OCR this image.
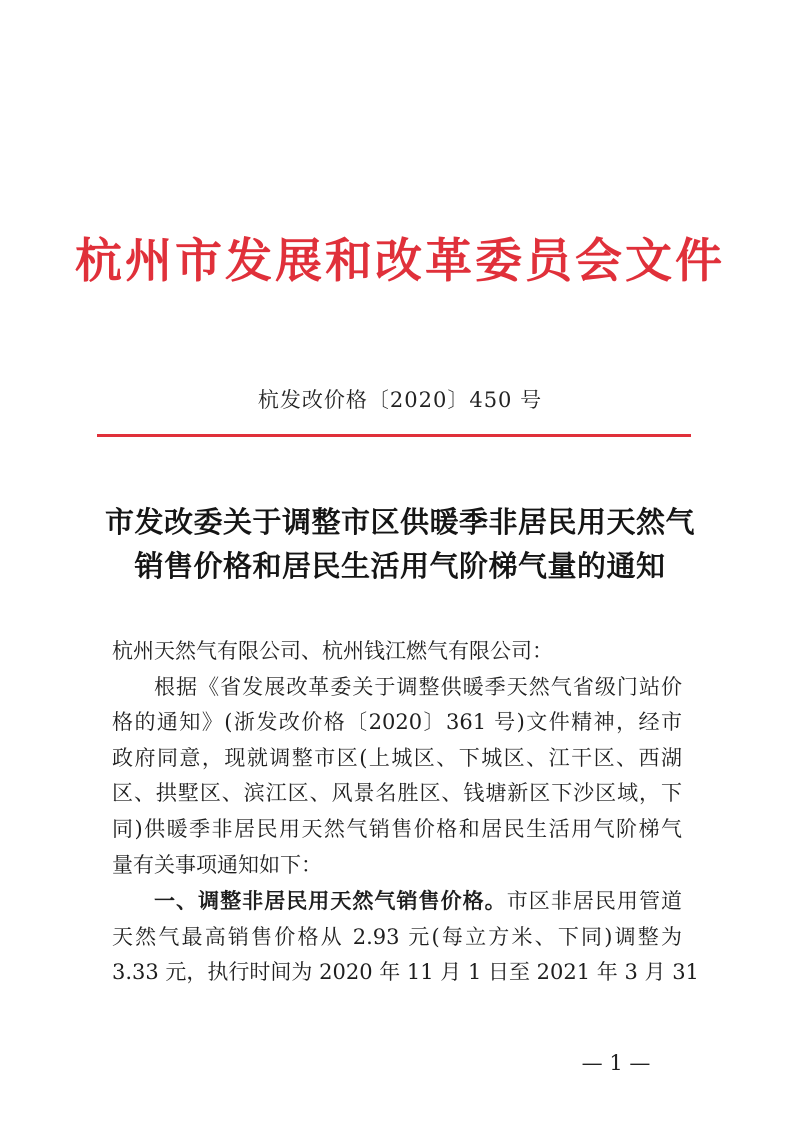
杭州市发展和改革委员会文件
杭发改价格〔2020〕450 号
市发改委关于调整市区供暖季非居民用天然气
销售价格和居民生活用气阶梯气量的通知
杭州天然气有限公司、杭州钱江燃气有限公司：
根据《省发展改革委关于调整供暖季天然气省级门站价
格的通知》(浙发改价格〔2020〕361 号)文件精神，经市
政府同意，现就调整市区(上城区、下城区、江干区、西湖
区、拱墅区、滨江区、风景名胜区、钱塘新区下沙区域，下
同)供暖季非居民用天然气销售价格和居民生活用气阶梯气
量有关事项通知如下：
一、调整非居民用天然气销售价格。市区非居民用管道
天然气最高销售价格从 2.93 元(每立方米、下同)调整为
3.33 元，执行时间为 2020 年 11 月 1 日至 2021 年 3 月 31
— 1 —
